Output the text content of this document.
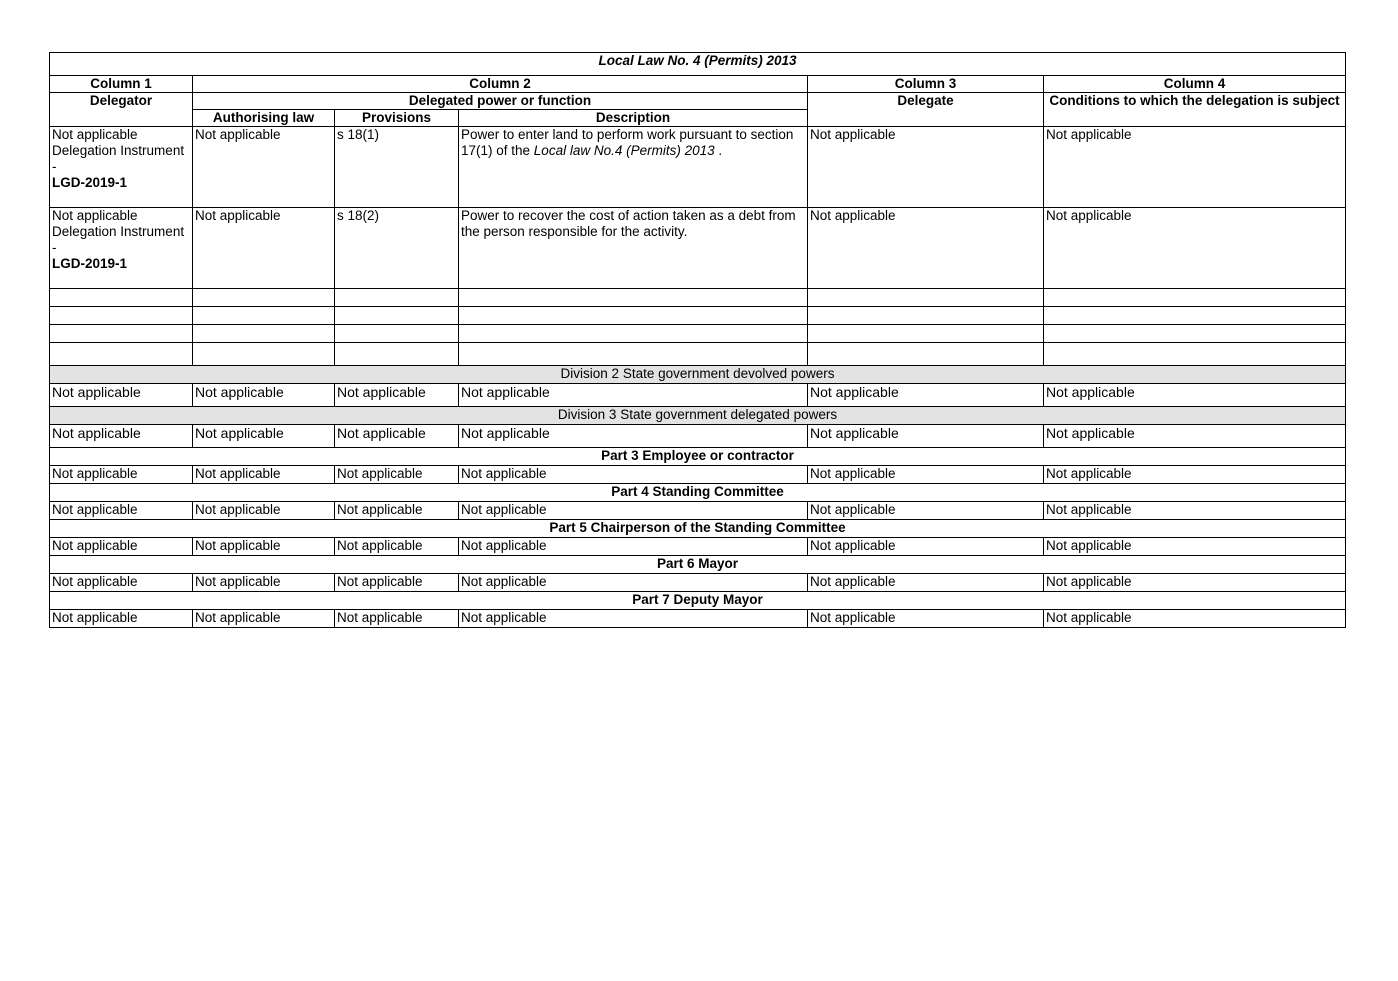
Local Law No. 4 (Permits) 2013					
Column 1	Column 2			Column 3	Column 4
Delegator	Delegated power or function			Delegate	Conditions to which the delegation is subject
	Authorising law	Provisions	Description		

Not applicable
Delegation Instrument -
LGD-2019-1	Not applicable	s 18(1)	Power to enter land to perform work pursuant to section 17(1) of the Local law No.4 (Permits) 2013 .	Not applicable	Not applicable

Not applicable
Delegation Instrument -
LGD-2019-1	Not applicable	s 18(2)	Power to recover the cost of action taken as a debt from the person responsible for the activity.	Not applicable	Not applicable

Division 2 State government devolved powers					
Not applicable	Not applicable	Not applicable	Not applicable	Not applicable	Not applicable
Division 3 State government delegated powers					
Not applicable	Not applicable	Not applicable	Not applicable	Not applicable	Not applicable
Part 3 Employee or contractor					
Not applicable	Not applicable	Not applicable	Not applicable	Not applicable	Not applicable
Part 4 Standing Committee					
Not applicable	Not applicable	Not applicable	Not applicable	Not applicable	Not applicable
Part 5 Chairperson of the Standing Committee					
Not applicable	Not applicable	Not applicable	Not applicable	Not applicable	Not applicable
Part 6 Mayor					
Not applicable	Not applicable	Not applicable	Not applicable	Not applicable	Not applicable
Part 7 Deputy Mayor					
Not applicable	Not applicable	Not applicable	Not applicable	Not applicable	Not applicable
